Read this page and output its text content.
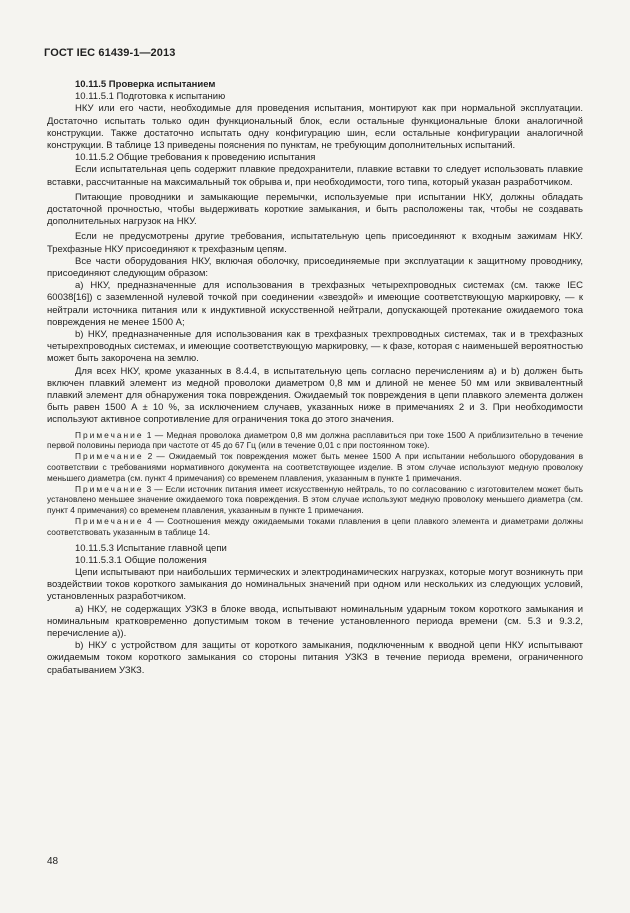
ГОСТ IEC 61439-1—2013

10.11.5 Проверка испытанием

10.11.5.1 Подготовка к испытанию

НКУ или его части, необходимые для проведения испытания, монтируют как при нормальной эксплуатации. Достаточно испытать только один функциональный блок, если остальные функциональные блоки аналогичной конструкции. Также достаточно испытать одну конфигурацию шин, если остальные конфигурации аналогичной конструкции. В таблице 13 приведены пояснения по пунктам, не требующим дополнительных испытаний.

10.11.5.2 Общие требования к проведению испытания

Если испытательная цепь содержит плавкие предохранители, плавкие вставки то следует использовать плавкие вставки, рассчитанные на максимальный ток обрыва и, при необходимости, того типа, который указан разработчиком.

Питающие проводники и замыкающие перемычки, используемые при испытании НКУ, должны обладать достаточной прочностью, чтобы выдерживать короткие замыкания, и быть расположены так, чтобы не создавать дополнительных нагрузок на НКУ.

Если не предусмотрены другие требования, испытательную цепь присоединяют к входным зажимам НКУ. Трехфазные НКУ присоединяют к трехфазным цепям.

Все части оборудования НКУ, включая оболочку, присоединяемые при эксплуатации к защитному проводнику, присоединяют следующим образом:

а) НКУ, предназначенные для использования в трехфазных четырехпроводных системах (см. также IEC 60038[16]) с заземленной нулевой точкой при соединении «звездой» и имеющие соответствующую маркировку, — к нейтрали источника питания или к индуктивной искусственной нейтрали, допускающей протекание ожидаемого тока повреждения не менее 1500 А;

b) НКУ, предназначенные для использования как в трехфазных трехпроводных системах, так и в трехфазных четырехпроводных системах, и имеющие соответствующую маркировку, — к фазе, которая с наименьшей вероятностью может быть закорочена на землю.

Для всех НКУ, кроме указанных в 8.4.4, в испытательную цепь согласно перечислениям а) и b) должен быть включен плавкий элемент из медной проволоки диаметром 0,8 мм и длиной не менее 50 мм или эквивалентный плавкий элемент для обнаружения тока повреждения. Ожидаемый ток повреждения в цепи плавкого элемента должен быть равен 1500 А ± 10 %, за исключением случаев, указанных ниже в примечаниях 2 и 3. При необходимости используют активное сопротивление для ограничения тока до этого значения.

Примечание 1 — Медная проволока диаметром 0,8 мм должна расплавиться при токе 1500 А приблизительно в течение первой половины периода при частоте от 45 до 67 Гц (или в течение 0,01 с при постоянном токе).

Примечание 2 — Ожидаемый ток повреждения может быть менее 1500 А при испытании небольшого оборудования в соответствии с требованиями нормативного документа на соответствующее изделие. В этом случае используют медную проволоку меньшего диаметра (см. пункт 4 примечания) со временем плавления, указанным в пункте 1 примечания.

Примечание 3 — Если источник питания имеет искусственную нейтраль, то по согласованию с изготовителем может быть установлено меньшее значение ожидаемого тока повреждения. В этом случае используют медную проволоку меньшего диаметра (см. пункт 4 примечания) со временем плавления, указанным в пункте 1 примечания.

Примечание 4 — Соотношения между ожидаемыми токами плавления в цепи плавкого элемента и диаметрами должны соответствовать указанным в таблице 14.

10.11.5.3 Испытание главной цепи

10.11.5.3.1 Общие положения

Цепи испытывают при наибольших термических и электродинамических нагрузках, которые могут возникнуть при воздействии токов короткого замыкания до номинальных значений при одном или нескольких из следующих условий, установленных разработчиком.

а) НКУ, не содержащих УЗКЗ в блоке ввода, испытывают номинальным ударным током короткого замыкания и номинальным кратковременно допустимым током в течение установленного периода времени (см. 5.3 и 9.3.2, перечисление а)).

b) НКУ с устройством для защиты от короткого замыкания, подключенным к вводной цепи НКУ испытывают ожидаемым током короткого замыкания со стороны питания УЗКЗ в течение периода времени, ограниченного срабатыванием УЗКЗ.

48
